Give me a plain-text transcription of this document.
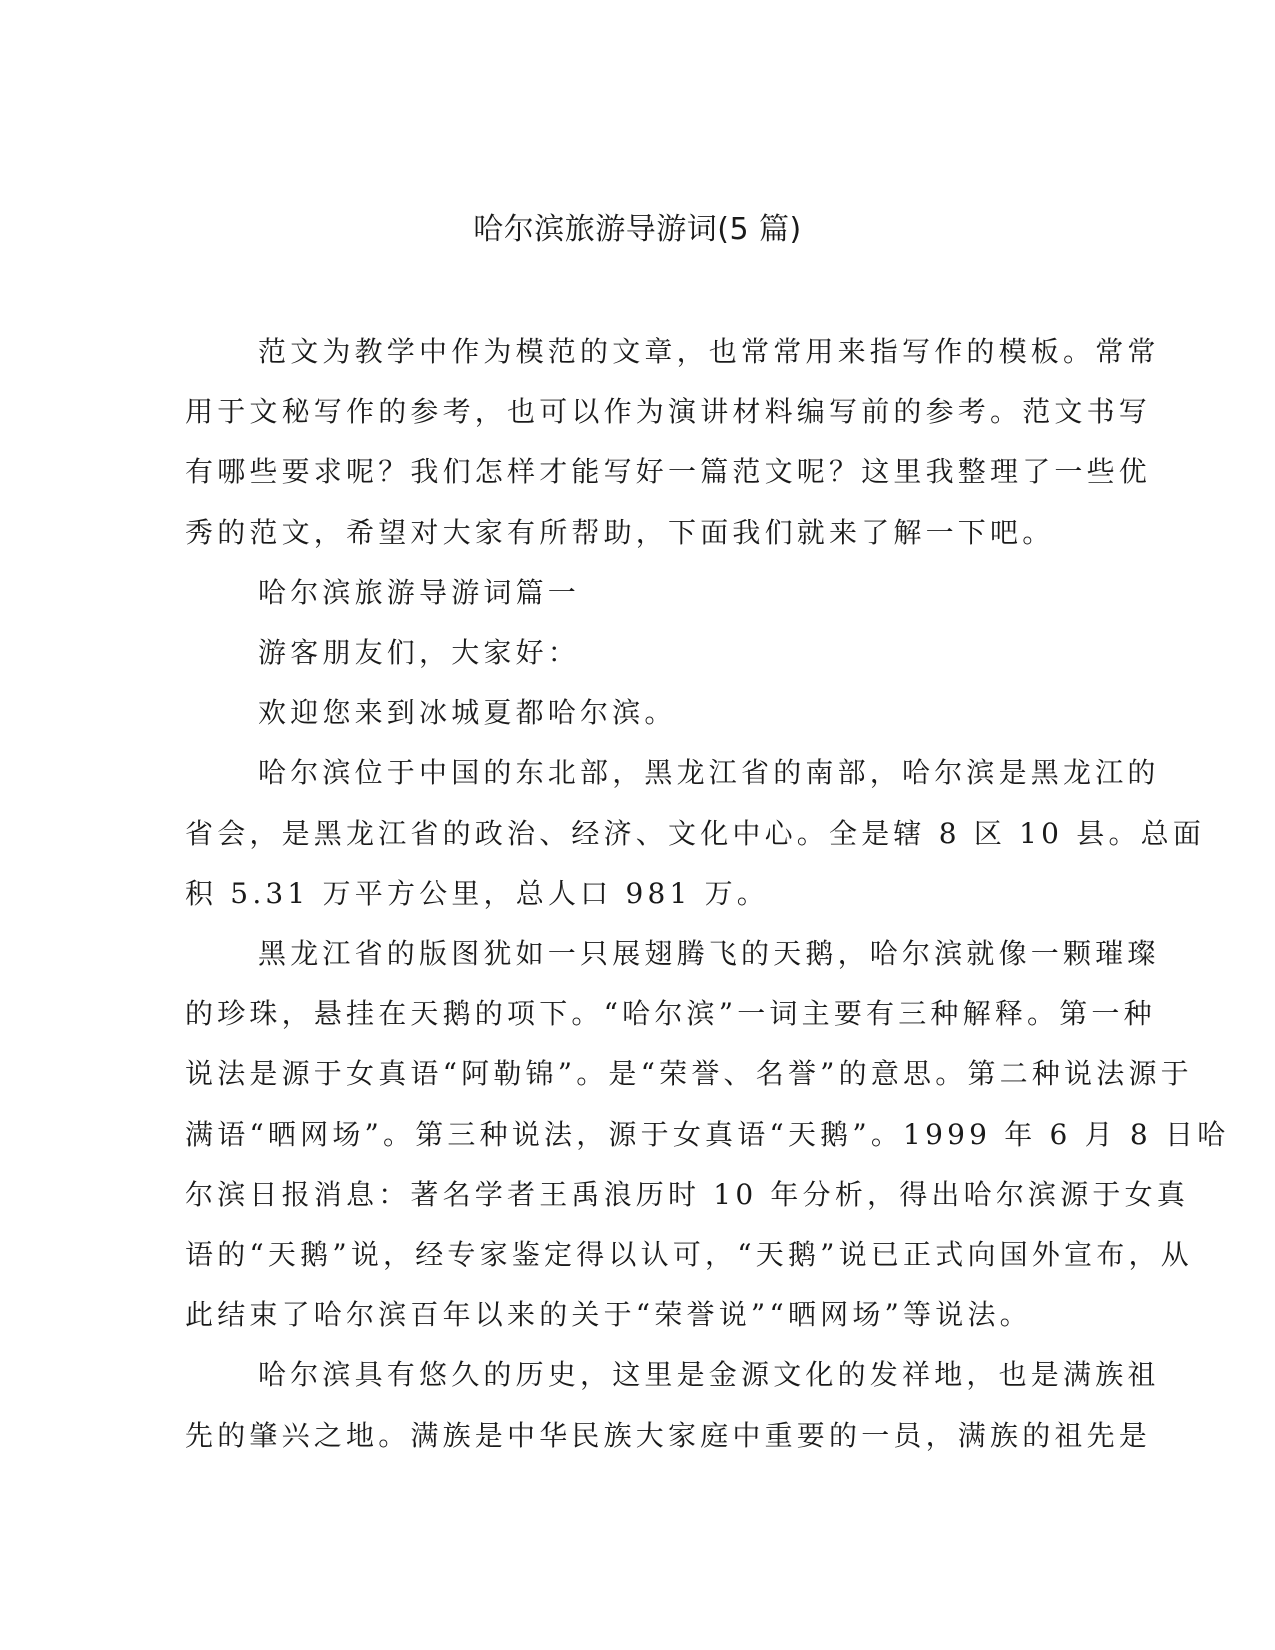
哈尔滨旅游导游词(5 篇)

范文为教学中作为模范的文章，也常常用来指写作的模板。常常
用于文秘写作的参考，也可以作为演讲材料编写前的参考。范文书写
有哪些要求呢？我们怎样才能写好一篇范文呢？这里我整理了一些优
秀的范文，希望对大家有所帮助，下面我们就来了解一下吧。

哈尔滨旅游导游词篇一

游客朋友们，大家好：

欢迎您来到冰城夏都哈尔滨。

哈尔滨位于中国的东北部，黑龙江省的南部，哈尔滨是黑龙江的
省会，是黑龙江省的政治、经济、文化中心。全是辖 8 区 10 县。总面
积 5.31 万平方公里，总人口 981 万。

黑龙江省的版图犹如一只展翅腾飞的天鹅，哈尔滨就像一颗璀璨
的珍珠，悬挂在天鹅的项下。“哈尔滨”一词主要有三种解释。第一种
说法是源于女真语“阿勒锦”。是“荣誉、名誉”的意思。第二种说法源于
满语“晒网场”。第三种说法，源于女真语“天鹅”。1999 年 6 月 8 日哈
尔滨日报消息：著名学者王禹浪历时 10 年分析，得出哈尔滨源于女真
语的“天鹅”说，经专家鉴定得以认可，“天鹅”说已正式向国外宣布，从
此结束了哈尔滨百年以来的关于“荣誉说”“晒网场”等说法。

哈尔滨具有悠久的历史，这里是金源文化的发祥地，也是满族祖
先的肇兴之地。满族是中华民族大家庭中重要的一员，满族的祖先是
